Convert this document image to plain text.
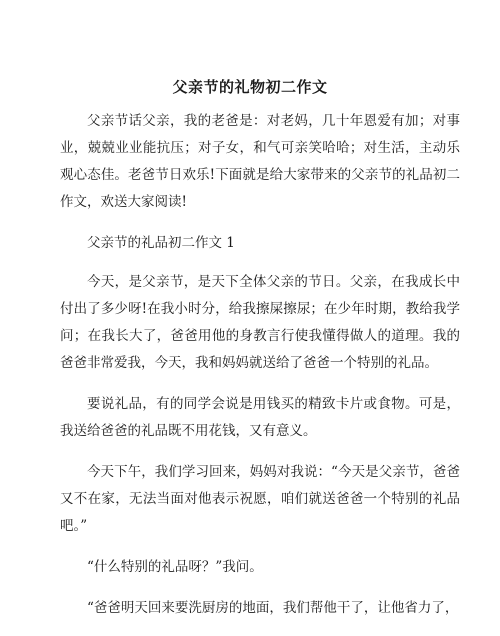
父亲节的礼物初二作文

父亲节话父亲，我的老爸是：对老妈，几十年恩爱有加；对事业，兢兢业业能抗压；对子女，和气可亲笑哈哈；对生活，主动乐观心态佳。老爸节日欢乐!下面就是给大家带来的父亲节的礼品初二作文，欢送大家阅读!

父亲节的礼品初二作文 1

今天，是父亲节，是天下全体父亲的节日。父亲，在我成长中付出了多少呀!在我小时分，给我擦屎擦尿；在少年时期，教给我学问；在我长大了，爸爸用他的身教言行使我懂得做人的道理。我的爸爸非常爱我，今天，我和妈妈就送给了爸爸一个特别的礼品。

要说礼品，有的同学会说是用钱买的精致卡片或食物。可是，我送给爸爸的礼品既不用花钱，又有意义。

今天下午，我们学习回来，妈妈对我说：“今天是父亲节，爸爸又不在家，无法当面对他表示祝愿，咱们就送爸爸一个特别的礼品吧。”

“什么特别的礼品呀？”我问。

“爸爸明天回来要洗厨房的地面，我们帮他干了，让他省力了，
